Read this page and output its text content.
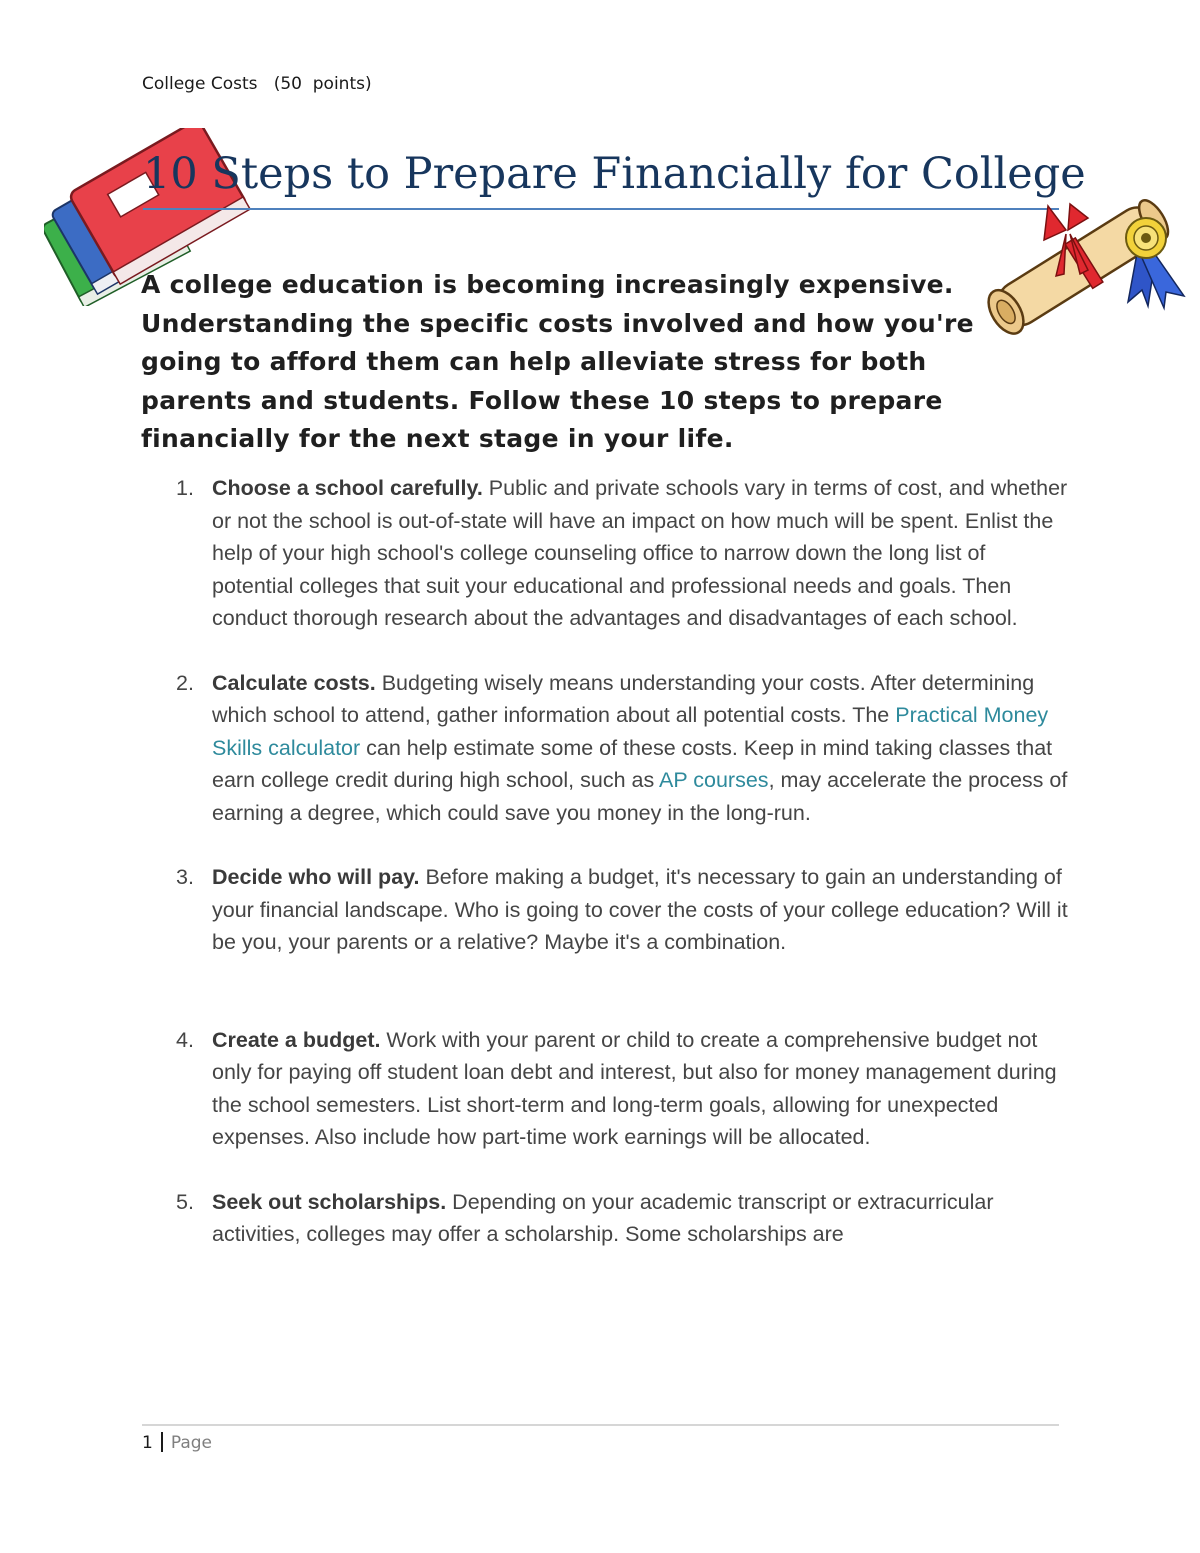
College Costs   (50  points)
10 Steps to Prepare Financially for College
A college education is becoming increasingly expensive. Understanding the specific costs involved and how you're going to afford them can help alleviate stress for both parents and students. Follow these 10 steps to prepare financially for the next stage in your life.
1. Choose a school carefully. Public and private schools vary in terms of cost, and whether or not the school is out-of-state will have an impact on how much will be spent. Enlist the help of your high school's college counseling office to narrow down the long list of potential colleges that suit your educational and professional needs and goals. Then conduct thorough research about the advantages and disadvantages of each school.
2. Calculate costs. Budgeting wisely means understanding your costs. After determining which school to attend, gather information about all potential costs. The Practical Money Skills calculator can help estimate some of these costs. Keep in mind taking classes that earn college credit during high school, such as AP courses, may accelerate the process of earning a degree, which could save you money in the long-run.
3. Decide who will pay. Before making a budget, it's necessary to gain an understanding of your financial landscape. Who is going to cover the costs of your college education? Will it be you, your parents or a relative? Maybe it's a combination.
4. Create a budget. Work with your parent or child to create a comprehensive budget not only for paying off student loan debt and interest, but also for money management during the school semesters. List short-term and long-term goals, allowing for unexpected expenses. Also include how part-time work earnings will be allocated.
5. Seek out scholarships. Depending on your academic transcript or extracurricular activities, colleges may offer a scholarship. Some scholarships are
1 Page
